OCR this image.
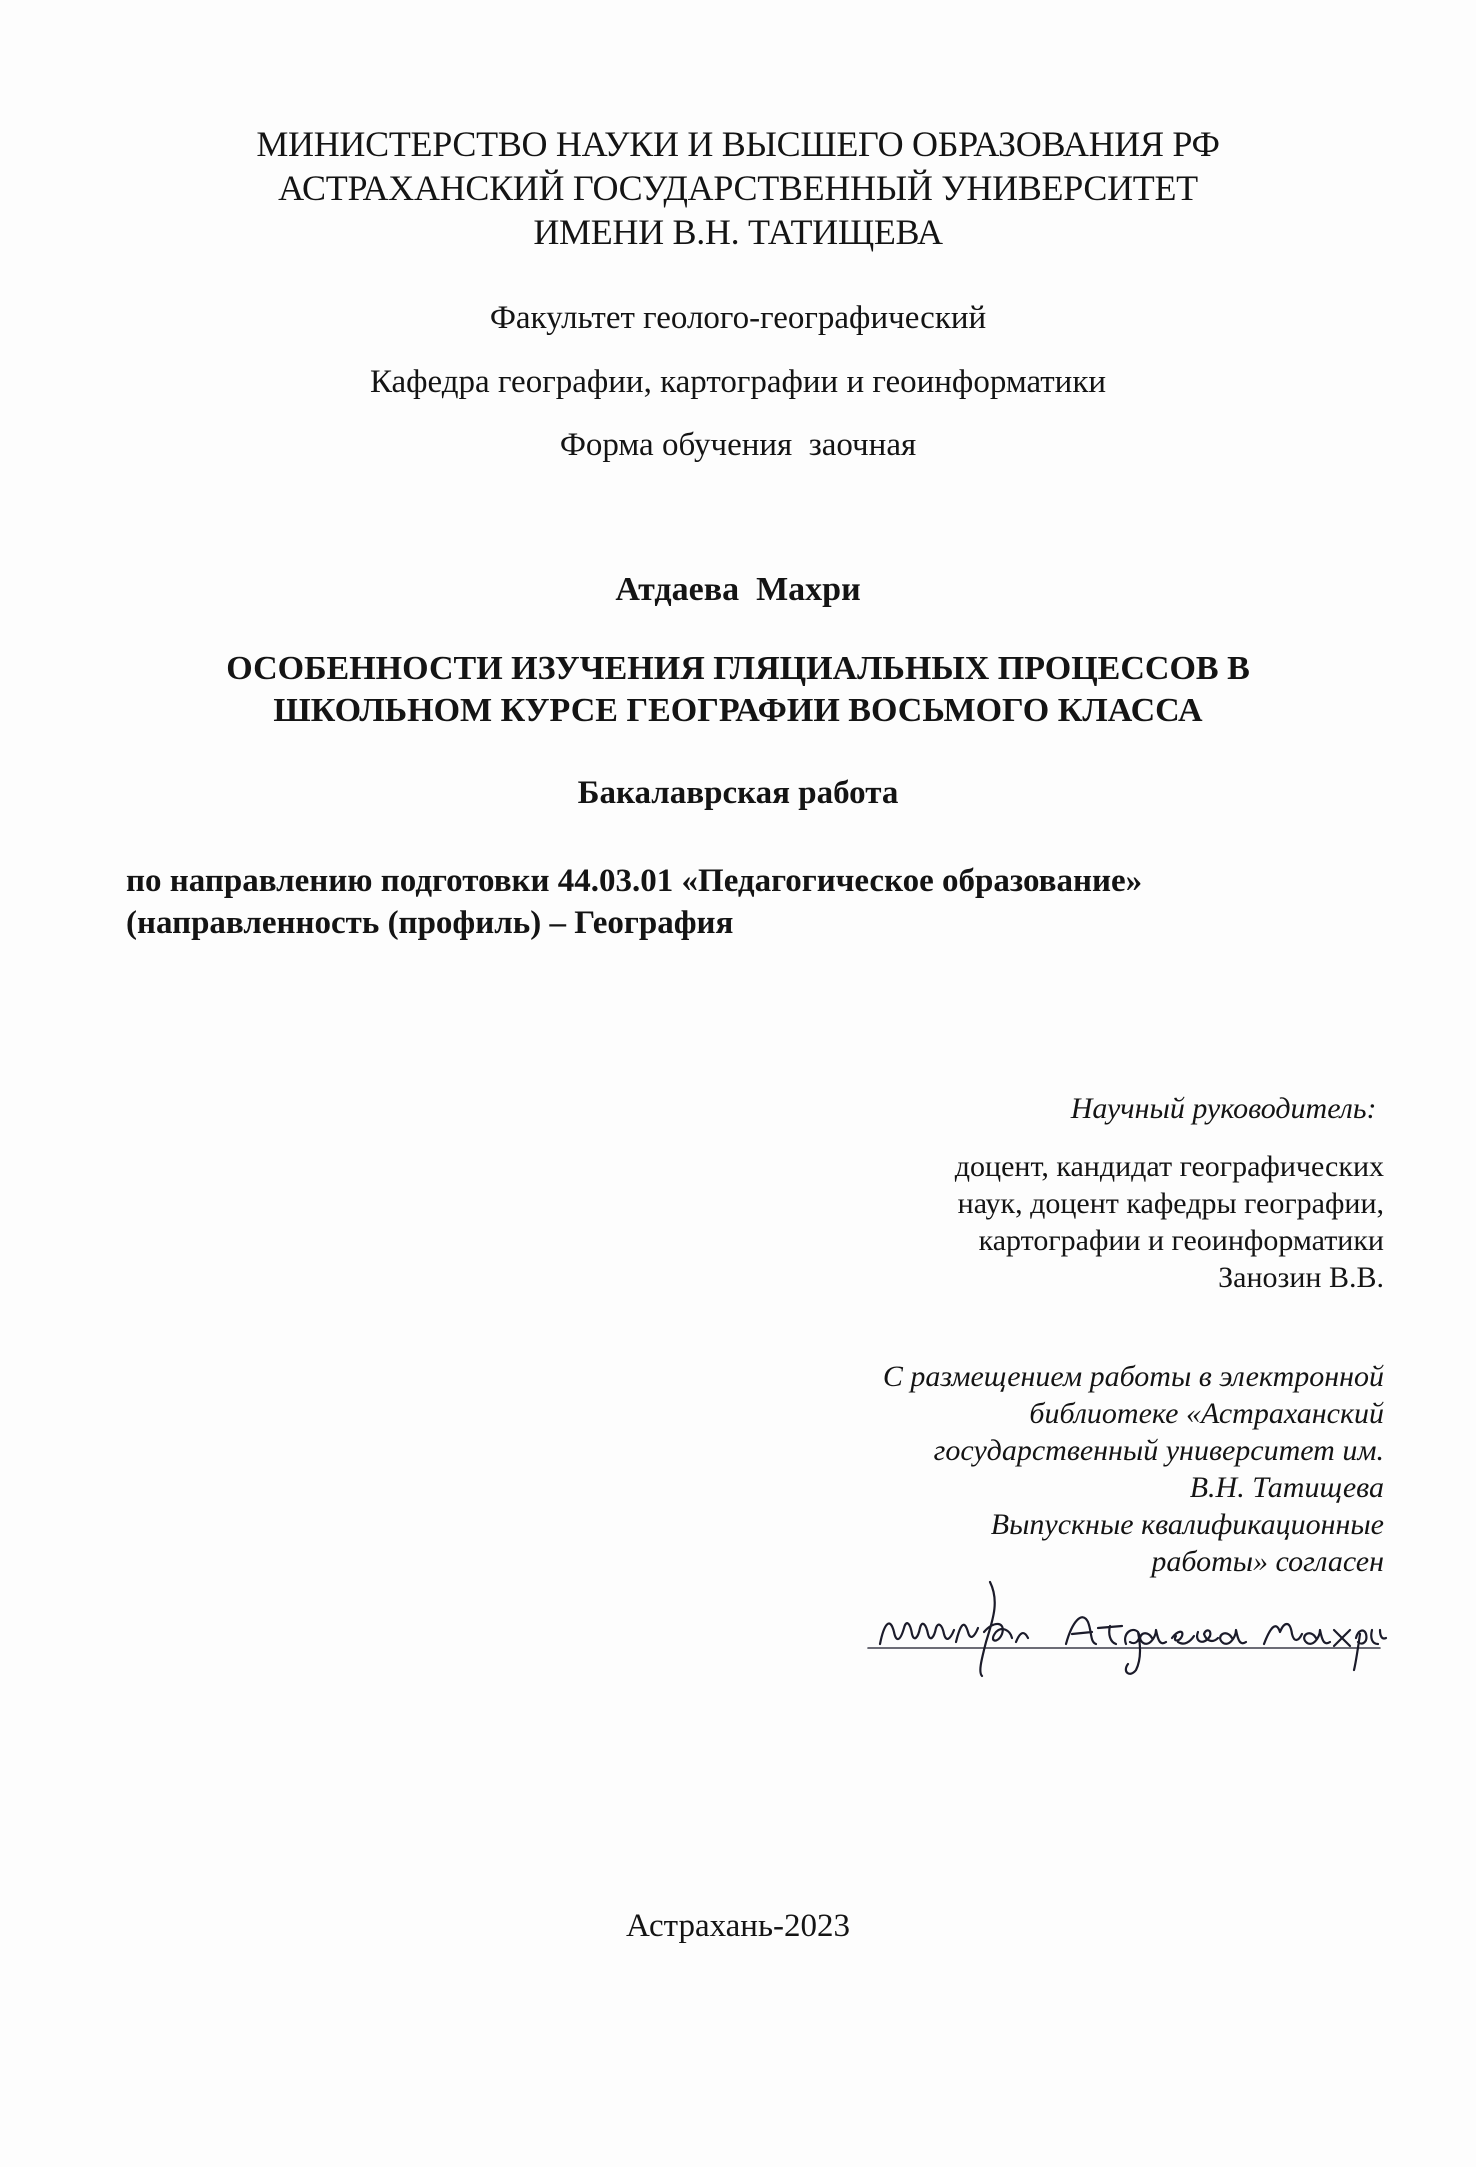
МИНИСТЕРСТВО НАУКИ И ВЫСШЕГО ОБРАЗОВАНИЯ РФ
АСТРАХАНСКИЙ ГОСУДАРСТВЕННЫЙ УНИВЕРСИТЕТ
ИМЕНИ В.Н. ТАТИЩЕВА
Факультет геолого-географический
Кафедра географии, картографии и геоинформатики
Форма обучения  заочная
Атдаева  Махри
ОСОБЕННОСТИ ИЗУЧЕНИЯ ГЛЯЦИАЛЬНЫХ ПРОЦЕССОВ В
ШКОЛЬНОМ КУРСЕ ГЕОГРАФИИ ВОСЬМОГО КЛАССА
Бакалаврская работа
по направлению подготовки 44.03.01 «Педагогическое образование»
(направленность (профиль) – География
Научный руководитель:
доцент, кандидат географических
наук, доцент кафедры географии,
картографии и геоинформатики
Занозин В.В.
С размещением работы в электронной
библиотеке «Астраханский
государственный университет им.
В.Н. Татищева
Выпускные квалификационные
работы» согласен
Астрахань-2023
